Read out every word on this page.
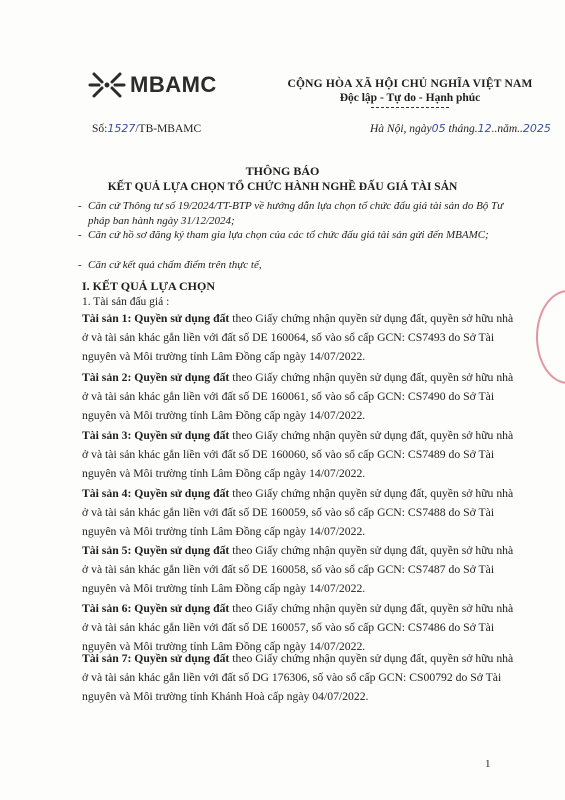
MBAMC	CỘNG HÒA XÃ HỘI CHỦ NGHĨA VIỆT NAM
Độc lập - Tự do - Hạnh phúc
Số:1527/TB-MBAMC	Hà Nội, ngày05 tháng.12..năm..2025
THÔNG BÁO
KẾT QUẢ LỰA CHỌN TỔ CHỨC HÀNH NGHỀ ĐẤU GIÁ TÀI SẢN
- Căn cứ Thông tư số 19/2024/TT-BTP về hướng dẫn lựa chọn tổ chức đấu giá tài sản do Bộ Tư pháp ban hành ngày 31/12/2024;
- Căn cứ hồ sơ đăng ký tham gia lựa chọn của các tổ chức đấu giá tài sản gửi đến MBAMC;
- Căn cứ kết quả chấm điểm trên thực tế,
I. KẾT QUẢ LỰA CHỌN
1. Tài sản đấu giá :
Tài sản 1: Quyền sử dụng đất theo Giấy chứng nhận quyền sử dụng đất, quyền sở hữu nhà ở và tài sản khác gắn liền với đất số DE 160064, số vào sổ cấp GCN: CS7493 do Sở Tài nguyên và Môi trường tỉnh Lâm Đồng cấp ngày 14/07/2022.
Tài sản 2: Quyền sử dụng đất theo Giấy chứng nhận quyền sử dụng đất, quyền sở hữu nhà ở và tài sản khác gắn liền với đất số DE 160061, số vào sổ cấp GCN: CS7490 do Sở Tài nguyên và Môi trường tỉnh Lâm Đồng cấp ngày 14/07/2022.
Tài sản 3: Quyền sử dụng đất theo Giấy chứng nhận quyền sử dụng đất, quyền sở hữu nhà ở và tài sản khác gắn liền với đất số DE 160060, số vào sổ cấp GCN: CS7489 do Sở Tài nguyên và Môi trường tỉnh Lâm Đồng cấp ngày 14/07/2022.
Tài sản 4: Quyền sử dụng đất theo Giấy chứng nhận quyền sử dụng đất, quyền sở hữu nhà ở và tài sản khác gắn liền với đất số DE 160059, số vào sổ cấp GCN: CS7488 do Sở Tài nguyên và Môi trường tỉnh Lâm Đồng cấp ngày 14/07/2022.
Tài sản 5: Quyền sử dụng đất theo Giấy chứng nhận quyền sử dụng đất, quyền sở hữu nhà ở và tài sản khác gắn liền với đất số DE 160058, số vào sổ cấp GCN: CS7487 do Sở Tài nguyên và Môi trường tỉnh Lâm Đồng cấp ngày 14/07/2022.
Tài sản 6: Quyền sử dụng đất theo Giấy chứng nhận quyền sử dụng đất, quyền sở hữu nhà ở và tài sản khác gắn liền với đất số DE 160057, số vào sổ cấp GCN: CS7486 do Sở Tài nguyên và Môi trường tỉnh Lâm Đồng cấp ngày 14/07/2022.
Tài sản 7: Quyền sử dụng đất theo Giấy chứng nhận quyền sử dụng đất, quyền sở hữu nhà ở và tài sản khác gắn liền với đất số DG 176306, số vào sổ cấp GCN: CS00792 do Sở Tài nguyên và Môi trường tỉnh Khánh Hoà cấp ngày 04/07/2022.
1
